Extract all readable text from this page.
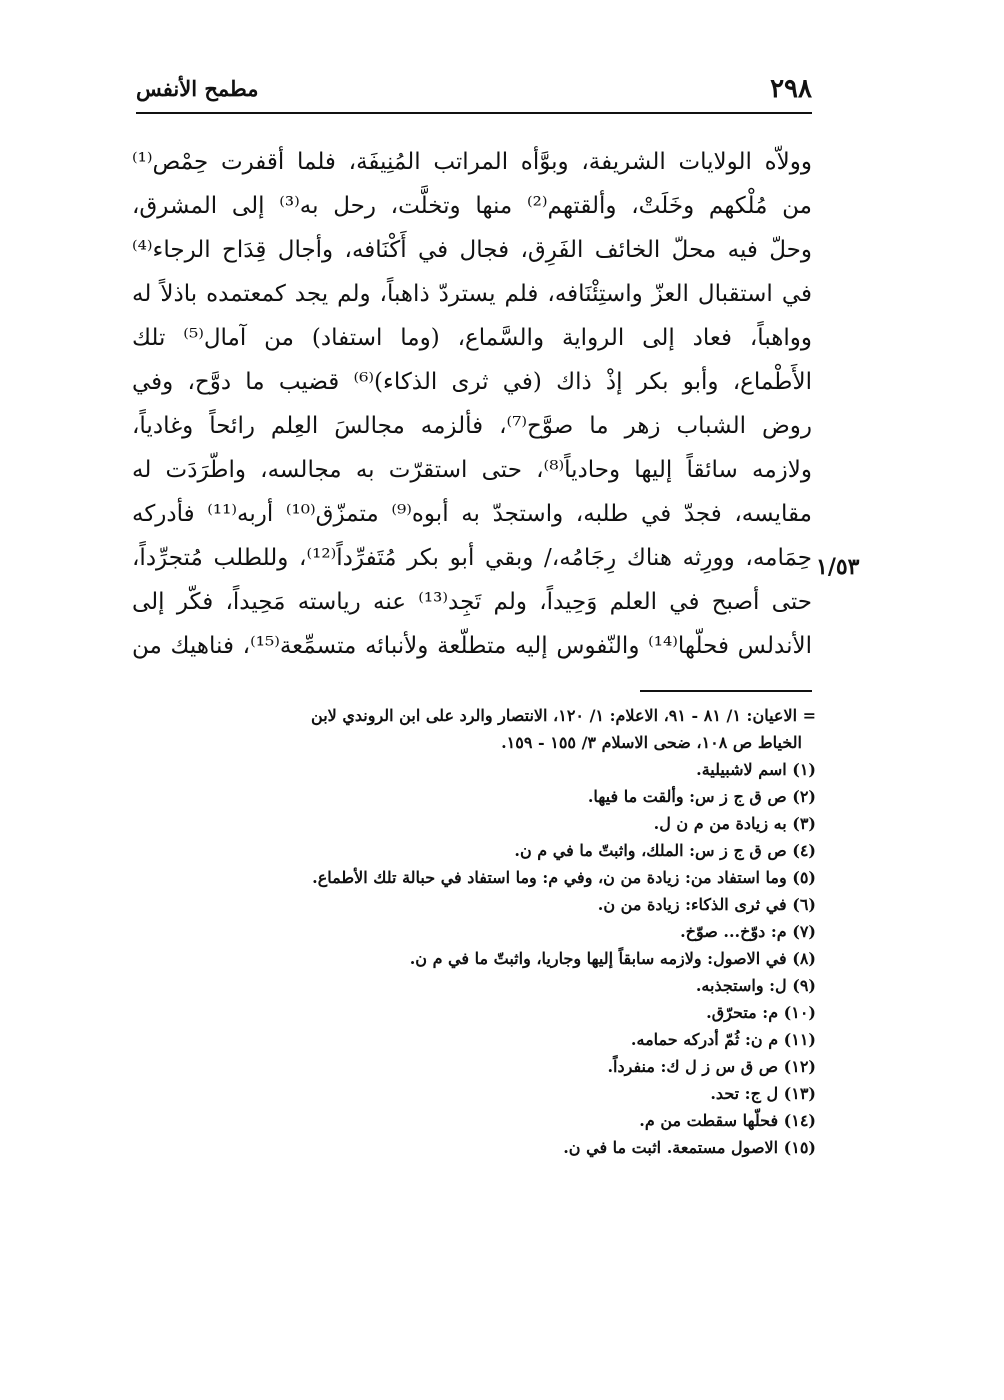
٢٩٨
مطمح الأنفس
وولاّه الولايات الشريفة، وبوَّأه المراتب المُنِيفَة، فلما أقفرت حِمْص⁽¹⁾
من مُلْكهم وخَلَتْ، وألقتهم⁽²⁾ منها وتخلَّت، رحل به⁽³⁾ إلى المشرق،
وحلّ فيه محلّ الخائف الفَرِق، فجال في أَكْنَافه، وأجال قِدَاح الرجاء⁽⁴⁾
في استقبال العزّ واستِئْنَافه، فلم يستردّ ذاهباً، ولم يجد كمعتمده باذلاً له
وواهباً، فعاد إلى الرواية والسَّماع، (وما استفاد) من آمال⁽⁵⁾ تلك
الأَطْماع، وأبو بكر إذْ ذاك (في ثرى الذكاء)⁽⁶⁾ قضيب ما دوَّح، وفي
روض الشباب زهر ما صوَّح⁽⁷⁾، فألزمه مجالسَ العِلم رائحاً وغادياً،
ولازمه سائقاً إليها وحادياً⁽⁸⁾، حتى استقرّت به مجالسه، واطّرَدَت له
مقايسه، فجدّ في طلبه، واستجدّ به أبوه⁽⁹⁾ متمزّق⁽¹⁰⁾ أربه⁽¹¹⁾ فأدركه
حِمَامه، وورِثه هناك رِجَامُه،/ وبقي أبو بكر مُتَفرِّداً⁽¹²⁾، وللطلب مُتجرِّداً،
حتى أصبح في العلم وَحِيداً، ولم تَجِد⁽¹³⁾ عنه رياسته مَحِيداً، فكّر إلى
الأندلس فحلّها⁽¹⁴⁾ والنّفوس إليه متطلّعة ولأنبائه متسمِّعة⁽¹⁵⁾، فناهيك من
١/٥٣
= الاعيان: ١/ ٨١ - ٩١، الاعلام: ١/ ١٢٠، الانتصار والرد على ابن الروندي لابن
الخياط ص ١٠٨، ضحى الاسلام ٣/ ١٥٥ - ١٥٩.
(١) اسم لاشبيلية.
(٢) ص ق ج ز س: وألقت ما فيها.
(٣) به زيادة من م ن ل.
(٤) ص ق ج ز س: الملك، واثبتّ ما في م ن.
(٥) وما استفاد من: زيادة من ن، وفي م: وما استفاد في حبالة تلك الأطماع.
(٦) في ثرى الذكاء: زيادة من ن.
(٧) م: دوّخ... صوّخ.
(٨) في الاصول: ولازمه سابقاً إليها وجاريا، واثبتّ ما في م ن.
(٩) ل: واستجذبه.
(١٠) م: متحرّق.
(١١) م ن: ثُمّ أدركه حمامه.
(١٢) ص ق س ز ل ك: منفرداً.
(١٣) ل ج: تحد.
(١٤) فحلّها سقطت من م.
(١٥) الاصول مستمعة. اثبت ما في ن.
